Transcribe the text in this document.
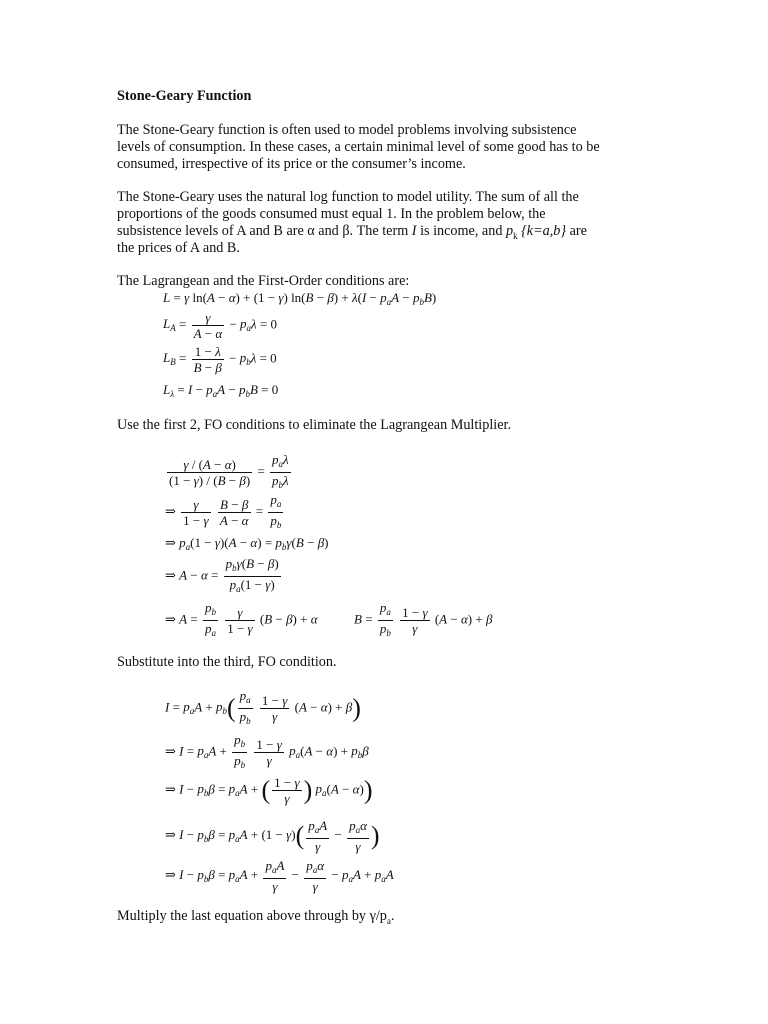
Stone-Geary Function
The Stone-Geary function is often used to model problems involving subsistence
levels of consumption. In these cases, a certain minimal level of some good has to be
consumed, irrespective of its price or the consumer’s income.
The Stone-Geary uses the natural log function to model utility. The sum of all the
proportions of the goods consumed must equal 1. In the problem below, the
subsistence levels of A and B are α and β. The term I is income, and $p_k$ {k=a,b} are
the prices of A and B.
The Lagrangean and the First-Order conditions are:
L = γ ln(A − α) + (1 − γ) $\ln(B - \beta) + \lambda(I - p_aA - p_bB)$
$L_A = \frac{\gamma}{A - \alpha} - p_a\lambda = 0$
$L_B = \frac{1 - \lambda}{B - \beta} - p_b\lambda = 0$
$L_\lambda = I - p_aA - p_bB = 0$
Use the first 2, FO conditions to eliminate the Lagrangean Multiplier.
$\frac{\gamma / (A - \alpha)}{(1 - \gamma) / (B - \beta)} = \frac{p_a\lambda}{p_b\lambda}$
⇒ $\frac{\gamma}{1 - \gamma}$
$\frac{B - \beta}{A - \alpha} = \frac{p_a}{p_b}$
⇒ $p_a(1 - \gamma)(A - \alpha) = p_b\gamma(B - \beta)$
⇒ $A - \alpha = \frac{p_b\gamma(B - \beta)}{p_a(1 - \gamma)}$
⇒ $A = \frac{p_b}{p_a}$
$\frac{\gamma}{1 - \gamma} (B - \beta) + \alpha$	$B = \frac{p_a}{p_b}$
$\frac{1 - \gamma}{\gamma} (A - \alpha) + \beta$
Substitute into the third, FO condition.
$I = p_aA + p_b( \frac{p_a}{p_b}$
$\frac{1 - \gamma}{\gamma} (A - \alpha) + \beta$)
⇒ $I = p_aA + \frac{p_b}{p_b}$
$\frac{1 - \gamma}{\gamma} p_a(A - \alpha) + p_b\beta$
⇒ $I - p_b\beta = p_aA$ + ( $\frac{1 - \gamma}{\gamma}$ ) $p_a(A - \alpha)$)
⇒ $I - p_b\beta = p_aA + (1 - \gamma)( \frac{p_aA}{\gamma} - \frac{p_a\alpha}{\gamma}$ )
⇒ $I - p_b\beta = p_aA + \frac{p_aA}{\gamma} - \frac{p_a\alpha}{\gamma} - p_aA + p_aA$
Multiply the last equation above through by $\gamma/p_a$.
